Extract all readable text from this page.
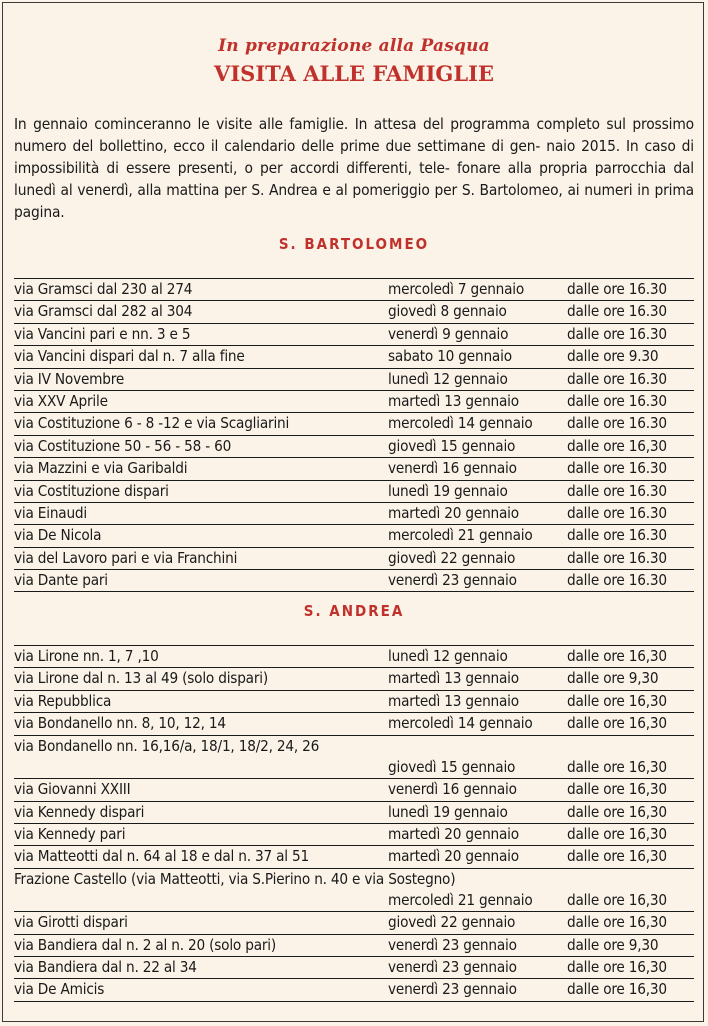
In preparazione alla Pasqua
VISITA ALLE FAMIGLIE
In gennaio cominceranno le visite alle famiglie. In attesa del programma completo sul prossimo numero del bollettino, ecco il calendario delle prime due settimane di gen- naio 2015. In caso di impossibilità di essere presenti, o per accordi differenti, tele- fonare alla propria parrocchia dal lunedì al venerdì, alla mattina per S. Andrea e al pomeriggio per S. Bartolomeo, ai numeri in prima pagina.
S. BARTOLOMEO
via Gramsci dal 230 al 274	mercoledì 7 gennaio	dalle ore 16.30
via Gramsci dal 282 al 304	giovedì 8 gennaio	dalle ore 16.30
via Vancini pari e nn. 3 e 5	venerdì 9 gennaio	dalle ore 16.30
via Vancini dispari dal n. 7 alla fine	sabato 10 gennaio	dalle ore 9.30
via IV Novembre	lunedì 12 gennaio	dalle ore 16.30
via XXV Aprile	martedì 13 gennaio	dalle ore 16.30
via Costituzione 6 - 8 -12 e via Scagliarini	mercoledì 14 gennaio dalle ore 16.30
via Costituzione 50 - 56 - 58 - 60	giovedì 15 gennaio	dalle ore 16,30
via Mazzini e via Garibaldi	venerdì 16 gennaio	dalle ore 16.30
via Costituzione dispari	lunedì 19 gennaio	dalle ore 16.30
via Einaudi	martedì 20 gennaio	dalle ore 16.30
via De Nicola	mercoledì 21 gennaio dalle ore 16.30
via del Lavoro pari e via Franchini	giovedì 22 gennaio	dalle ore 16.30
via Dante pari	venerdì 23 gennaio	dalle ore 16.30
S. ANDREA
via Lirone nn. 1, 7 ,10	lunedì 12 gennaio	dalle ore 16,30
via Lirone dal n. 13 al 49 (solo dispari)	martedì 13 gennaio	dalle ore 9,30
via Repubblica	martedì 13 gennaio	dalle ore 16,30
via Bondanello nn. 8, 10, 12, 14	mercoledì 14 gennaio dalle ore 16,30
via Bondanello nn. 16,16/a, 18/1, 18/2, 24, 26
giovedì 15 gennaio	dalle ore 16,30
via Giovanni XXIII	venerdì 16 gennaio	dalle ore 16,30
via Kennedy dispari	lunedì 19 gennaio	dalle ore 16,30
via Kennedy pari	martedì 20 gennaio	dalle ore 16,30
via Matteotti dal n. 64 al 18 e dal n. 37 al 51	martedì 20 gennaio	dalle ore 16,30
Frazione Castello (via Matteotti, via S.Pierino n. 40 e via Sostegno)
mercoledì 21 gennaio dalle ore 16,30
via Girotti dispari	giovedì 22 gennaio	dalle ore 16,30
via Bandiera dal n. 2 al n. 20 (solo pari)	venerdì 23 gennaio	dalle ore 9,30
via Bandiera dal n. 22 al 34	venerdì 23 gennaio	dalle ore 16,30
via De Amicis	venerdì 23 gennaio	dalle ore 16,30
